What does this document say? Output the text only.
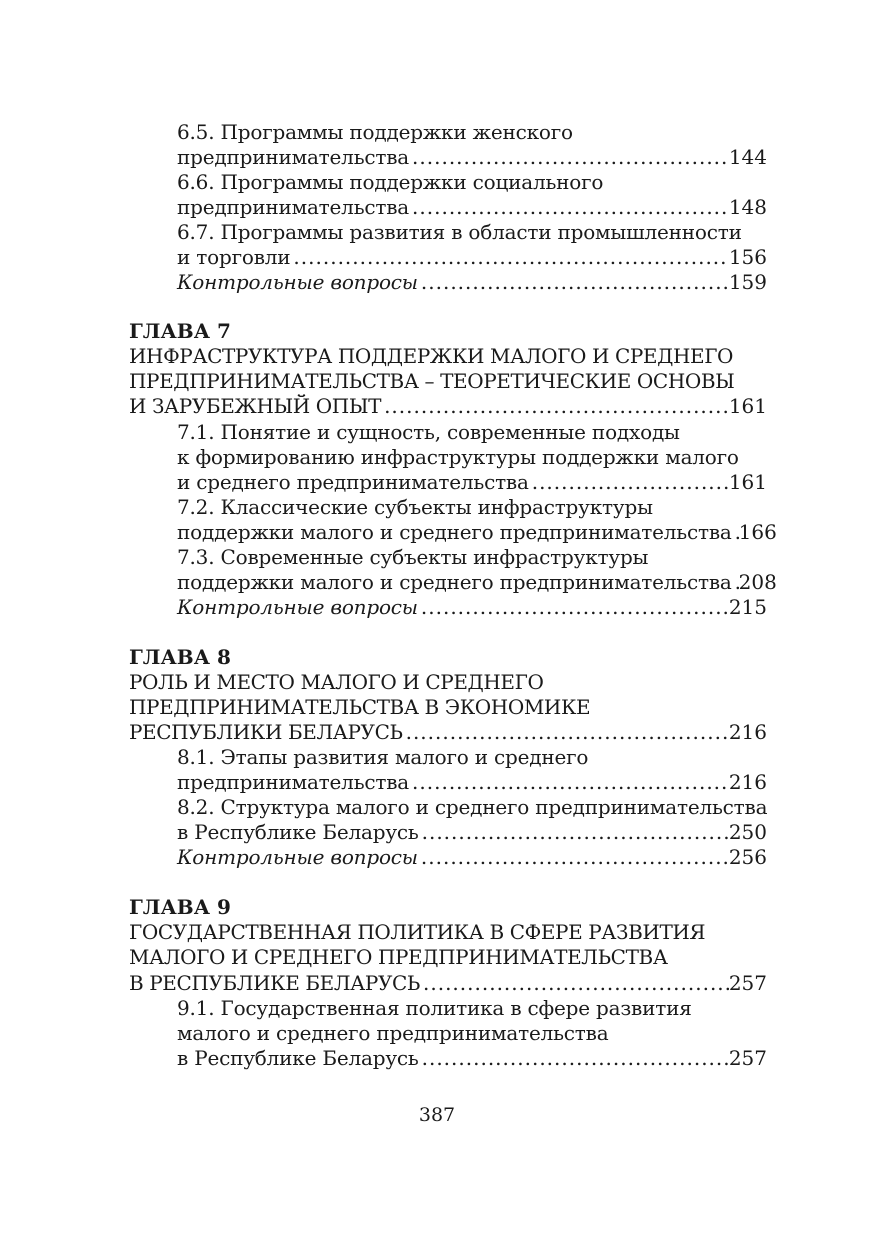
6.5. Программы поддержки женского
предпринимательства .....	144
6.6. Программы поддержки социального
предпринимательства .....	148
6.7. Программы развития в области промышленности
и торговли .....	156
Контрольные вопросы .....	159
ГЛАВА 7
ИНФРАСТРУКТУРА ПОДДЕРЖКИ МАЛОГО И СРЕДНЕГО
ПРЕДПРИНИМАТЕЛЬСТВА – ТЕОРЕТИЧЕСКИЕ ОСНОВЫ
И ЗАРУБЕЖНЫЙ ОПЫТ .....	161
7.1. Понятие и сущность, современные подходы
к формированию инфраструктуры поддержки малого
и среднего предпринимательства .....	161
7.2. Классические субъекты инфраструктуры
поддержки малого и среднего предпринимательства ..... 166
7.3. Современные субъекты инфраструктуры
поддержки малого и среднего предпринимательства ..... 208
Контрольные вопросы .....	215
ГЛАВА 8
РОЛЬ И МЕСТО МАЛОГО И СРЕДНЕГО
ПРЕДПРИНИМАТЕЛЬСТВА В ЭКОНОМИКЕ
РЕСПУБЛИКИ БЕЛАРУСЬ .....	216
8.1. Этапы развития малого и среднего
предпринимательства .....	216
8.2. Структура малого и среднего предпринимательства
в Республике Беларусь .....	250
Контрольные вопросы .....	256
ГЛАВА 9
ГОСУДАРСТВЕННАЯ ПОЛИТИКА В СФЕРЕ РАЗВИТИЯ
МАЛОГО И СРЕДНЕГО ПРЕДПРИНИМАТЕЛЬСТВА
В РЕСПУБЛИКЕ БЕЛАРУСЬ .....	257
9.1. Государственная политика в сфере развития
малого и среднего предпринимательства
в Республике Беларусь .....	257
387
